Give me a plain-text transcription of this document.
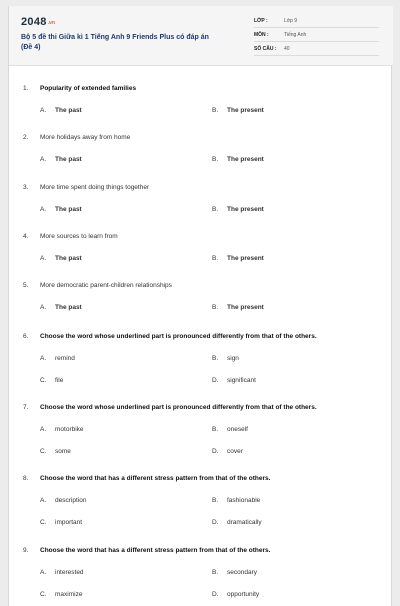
2048.vn
Bộ 5 đề thi Giữa kì 1 Tiếng Anh 9 Friends Plus có đáp án
(Đề 4)
LỚP :	Lớp 9
MÔN :	Tiếng Anh
SỐ CÂU : 40
1. Popularity of extended families
A. The past	B. The present
2. More holidays away from home
A. The past	B. The present
3. More time spent doing things together
A. The past	B. The present
4. More sources to learn from
A. The past	B. The present
5. More democratic parent-children relationships
A. The past	B. The present
6. Choose the word whose underlined part is pronounced differently from that of the others.
A. remind	B. sign
C. file	D. significant
7. Choose the word whose underlined part is pronounced differently from that of the others.
A. motorbike	B. oneself
C. some	D. cover
8. Choose the word that has a different stress pattern from that of the others.
A. description	B. fashionable
C. important	D. dramatically
9. Choose the word that has a different stress pattern from that of the others.
A. interested	B. secondary
C. maximize	D. opportunity
